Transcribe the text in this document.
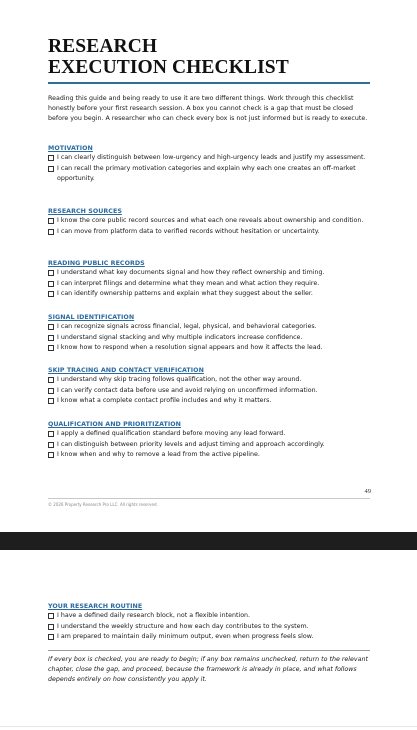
RESEARCH
EXECUTION CHECKLIST

Reading this guide and being ready to use it are two different things. Work through this checklist honestly before your first research session. A box you cannot check is a gap that must be closed before you begin. A researcher who can check every box is not just informed but is ready to execute.

MOTIVATION
I can clearly distinguish between low-urgency and high-urgency leads and justify my assessment.
I can recall the primary motivation categories and explain why each one creates an off-market opportunity.
RESEARCH SOURCES
I know the core public record sources and what each one reveals about ownership and condition.
I can move from platform data to verified records without hesitation or uncertainty.
READING PUBLIC RECORDS
I understand what key documents signal and how they reflect ownership and timing.
I can interpret filings and determine what they mean and what action they require.
I can identify ownership patterns and explain what they suggest about the seller.
SIGNAL IDENTIFICATION
I can recognize signals across financial, legal, physical, and behavioral categories.
I understand signal stacking and why multiple indicators increase confidence.
I know how to respond when a resolution signal appears and how it affects the lead.
SKIP TRACING AND CONTACT VERIFICATION
I understand why skip tracing follows qualification, not the other way around.
I can verify contact data before use and avoid relying on unconfirmed information.
I know what a complete contact profile includes and why it matters.
QUALIFICATION AND PRIORITIZATION
I apply a defined qualification standard before moving any lead forward.
I can distinguish between priority levels and adjust timing and approach accordingly.
I know when and why to remove a lead from the active pipeline.
49
© 2026 Property Research Pro LLC. All rights reserved.
YOUR RESEARCH ROUTINE
I have a defined daily research block, not a flexible intention.
I understand the weekly structure and how each day contributes to the system.
I am prepared to maintain daily minimum output, even when progress feels slow.

If every box is checked, you are ready to begin; if any box remains unchecked, return to the relevant chapter, close the gap, and proceed, because the framework is already in place, and what follows depends entirely on how consistently you apply it.
